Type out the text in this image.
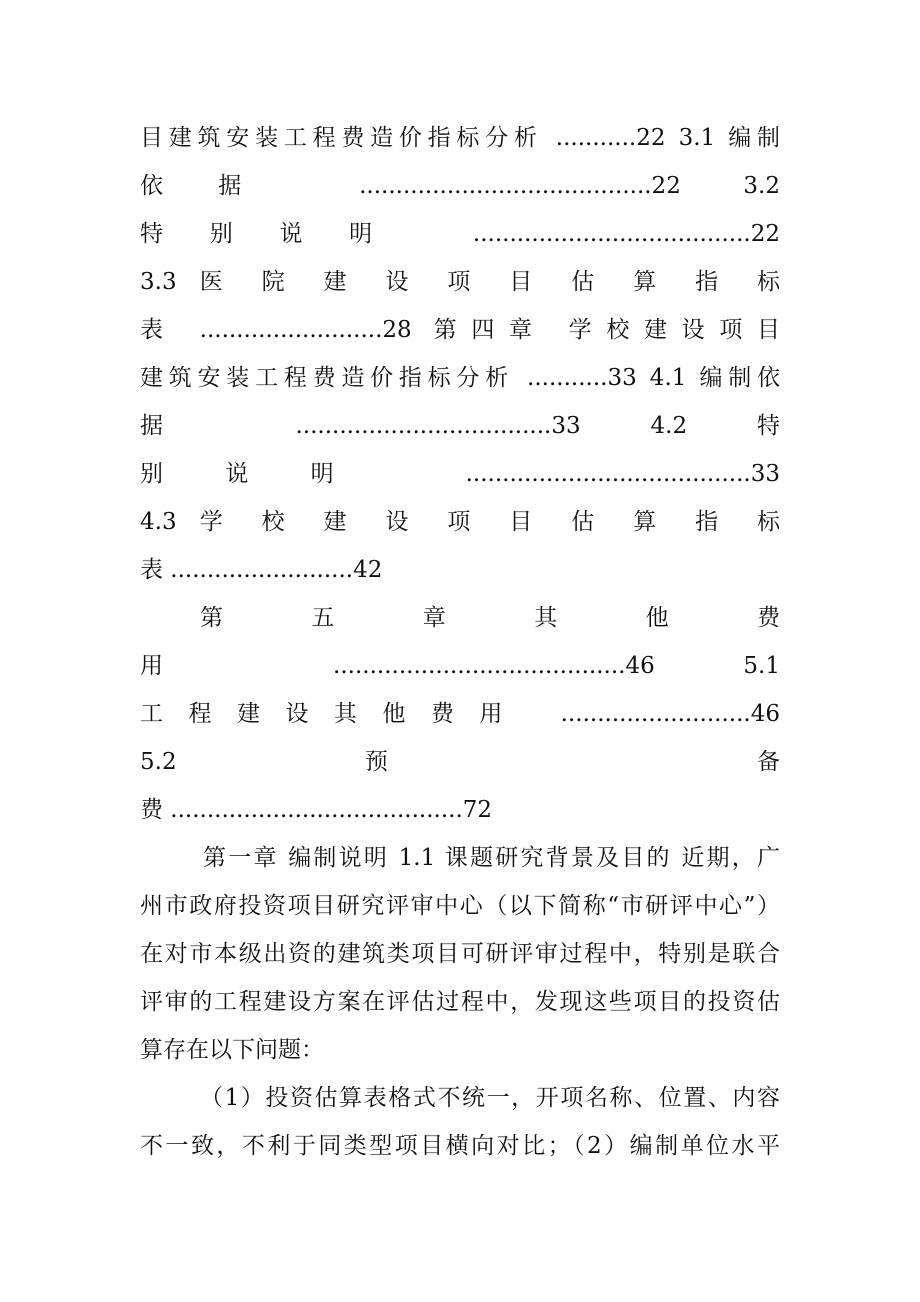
目建筑安装工程费造价指标分析 ...........22 3.1 编制
依据 ........................................22 3.2
特别说明 ......................................22
3.3 医 院 建 设 项 目 估 算 指 标
表 .........................28 第四章 学校建设项目
建筑安装工程费造价指标分析 ...........33 4.1 编制依
据 ...................................33 4.2 特
别说明 .......................................33
4.3 学 校 建 设 项 目 估 算 指 标
表 .........................42
第 五 章 其 他 费
用 ........................................46 5.1
工程建设其他费用 ..........................46
5.2 预 备
费 ........................................72
第一章 编制说明 1.1 课题研究背景及目的 近期，广
州市政府投资项目研究评审中心（以下简称“市研评中心”）
在对市本级出资的建筑类项目可研评审过程中，特别是联合
评审的工程建设方案在评估过程中，发现这些项目的投资估
算存在以下问题：
（1）投资估算表格式不统一，开项名称、位置、内容
不一致，不利于同类型项目横向对比；（2）编制单位水平
